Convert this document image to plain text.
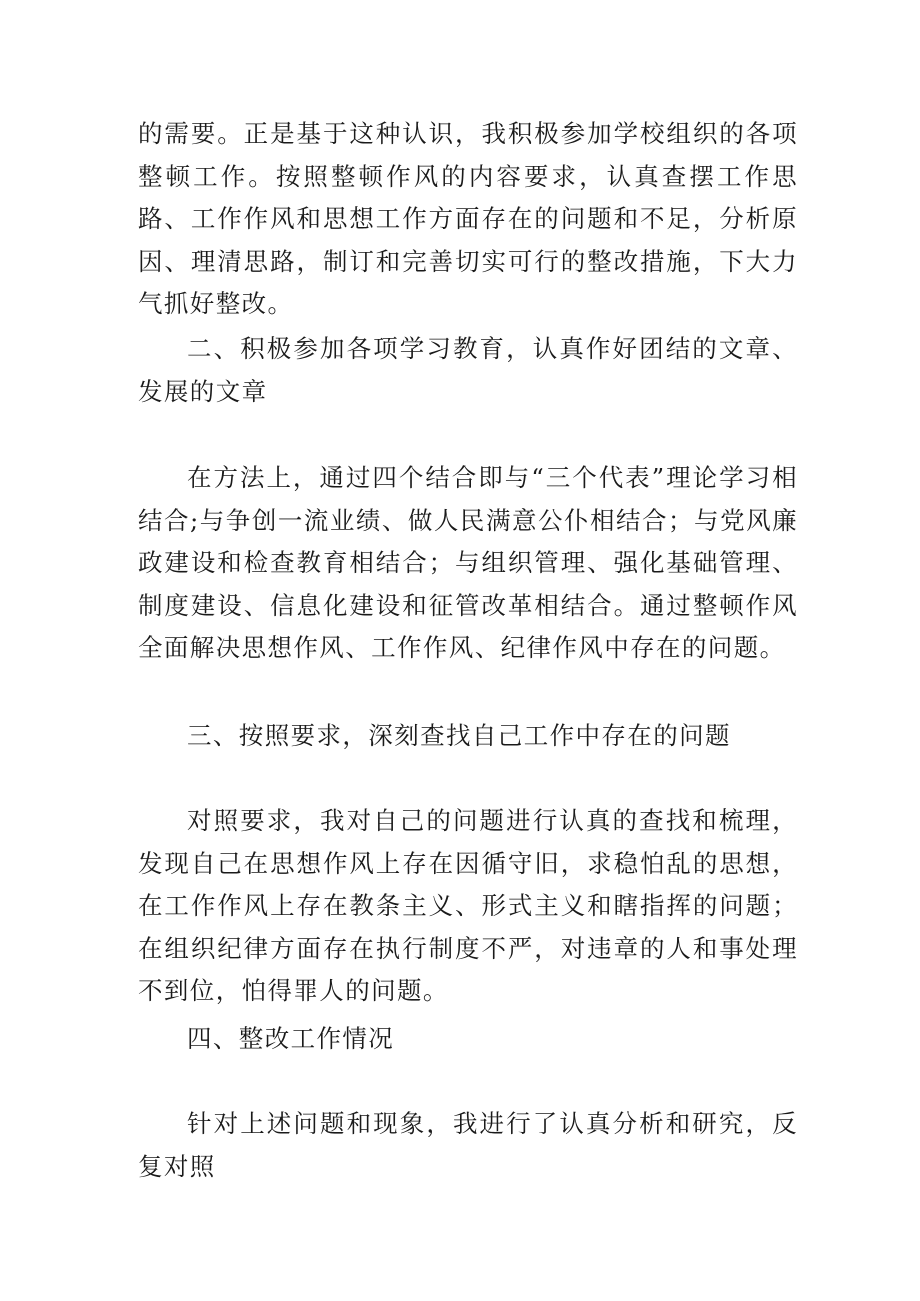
的需要。正是基于这种认识，我积极参加学校组织的各项整顿工作。按照整顿作风的内容要求，认真查摆工作思路、工作作风和思想工作方面存在的问题和不足，分析原因、理清思路，制订和完善切实可行的整改措施，下大力气抓好整改。

二、积极参加各项学习教育，认真作好团结的文章、发展的文章

在方法上，通过四个结合即与“三个代表”理论学习相结合;与争创一流业绩、做人民满意公仆相结合；与党风廉政建设和检查教育相结合；与组织管理、强化基础管理、制度建设、信息化建设和征管改革相结合。通过整顿作风全面解决思想作风、工作作风、纪律作风中存在的问题。

三、按照要求，深刻查找自己工作中存在的问题

对照要求，我对自己的问题进行认真的查找和梳理，发现自己在思想作风上存在因循守旧，求稳怕乱的思想，在工作作风上存在教条主义、形式主义和瞎指挥的问题；在组织纪律方面存在执行制度不严，对违章的人和事处理不到位，怕得罪人的问题。

四、整改工作情况

针对上述问题和现象，我进行了认真分析和研究，反复对照
